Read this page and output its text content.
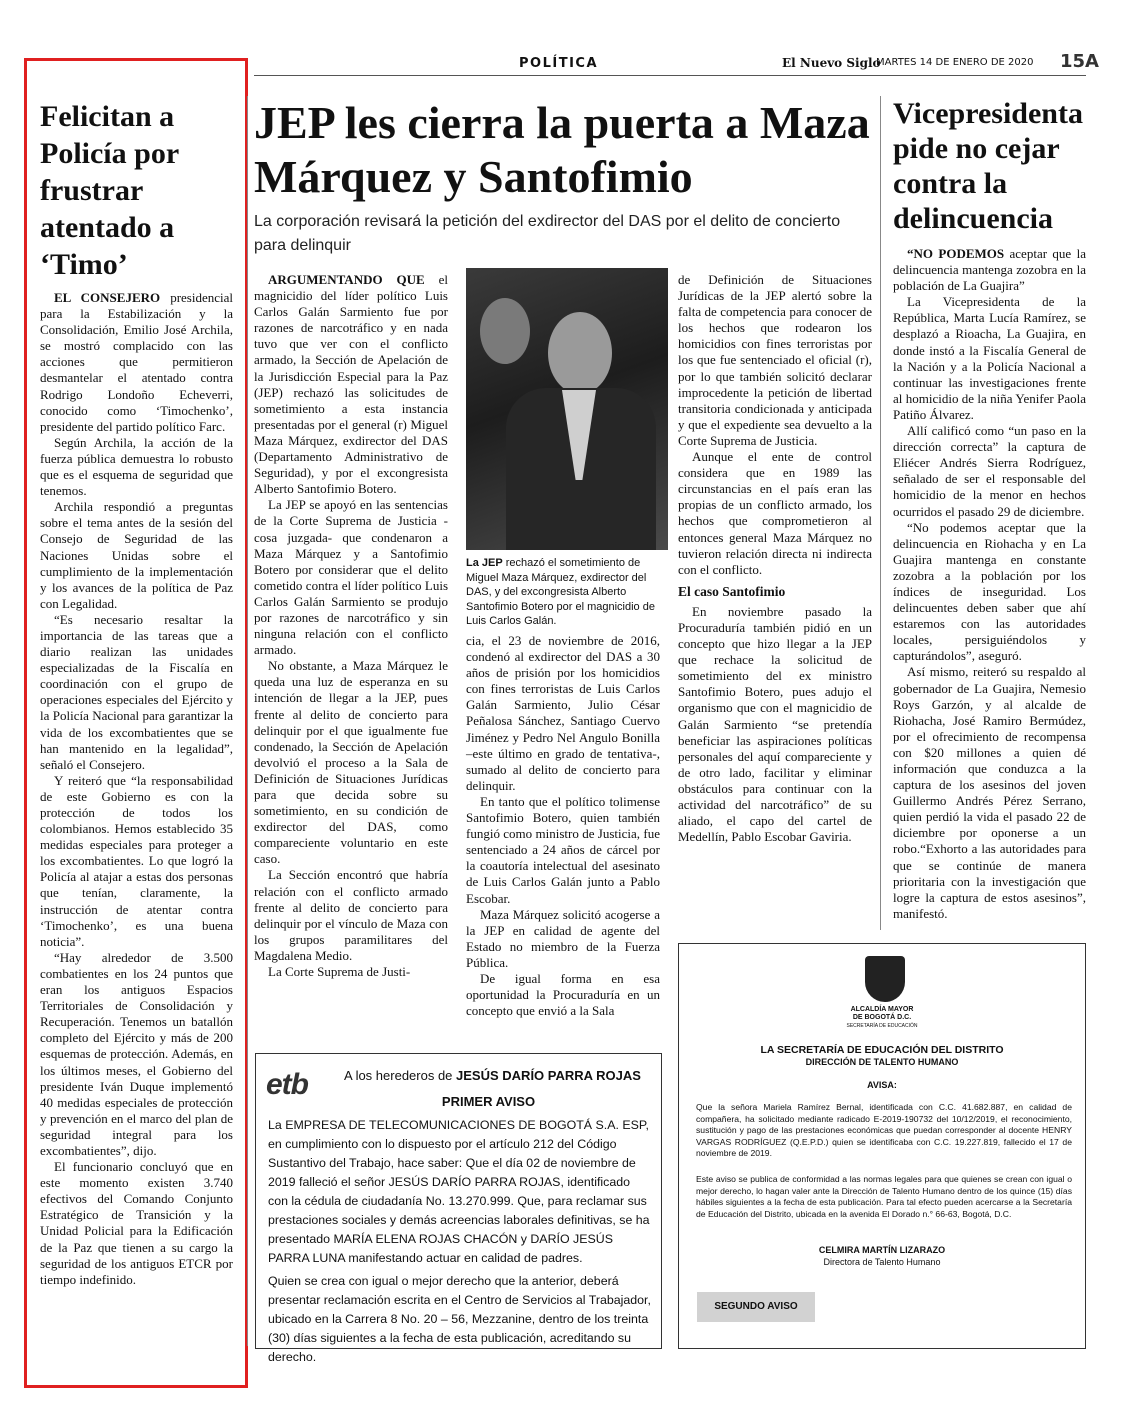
POLÍTICA	El Nuevo Siglo
MARTES 14 DE ENERO DE 2020 15A
Felicitan a Policía por frustrar atentado a ‘Timo’

EL CONSEJERO presidencial para la Estabilización y la Consolidación, Emilio José Archila, se mostró complacido con las acciones que permitieron desmantelar el atentado contra Rodrigo Londoño Echeverri, conocido como ‘Timochenko’, presidente del partido político Farc.

Según Archila, la acción de la fuerza pública demuestra lo robusto que es el esquema de seguridad que tenemos.

Archila respondió a preguntas sobre el tema antes de la sesión del Consejo de Seguridad de las Naciones Unidas sobre el cumplimiento de la implementación y los avances de la política de Paz con Legalidad.

“Es necesario resaltar la importancia de las tareas que a diario realizan las unidades especializadas de la Fiscalía en coordinación con el grupo de operaciones especiales del Ejército y la Policía Nacional para garantizar la vida de los excombatientes que se han mantenido en la legalidad”, señaló el Consejero.

Y reiteró que “la responsabilidad de este Gobierno es con la protección de todos los colombianos. Hemos establecido 35 medidas especiales para proteger a los excombatientes. Lo que logró la Policía al atajar a estas dos personas que tenían, claramente, la instrucción de atentar contra ‘Timochenko’, es una buena noticia”.

“Hay alrededor de 3.500 combatientes en los 24 puntos que eran los antiguos Espacios Territoriales de Consolidación y Recuperación. Tenemos un batallón completo del Ejército y más de 200 esquemas de protección. Además, en los últimos meses, el Gobierno del presidente Iván Duque implementó 40 medidas especiales de protección y prevención en el marco del plan de seguridad integral para los excombatientes”, dijo.

El funcionario concluyó que en este momento existen 3.740 efectivos del Comando Conjunto Estratégico de Transición y la Unidad Policial para la Edificación de la Paz que tienen a su cargo la seguridad de los antiguos ETCR por tiempo indefinido.

JEP les cierra la puerta a Maza Márquez y Santofimio
La corporación revisará la petición del exdirector del DAS por el delito de concierto para delinquir

ARGUMENTANDO QUE el magnicidio del líder político Luis Carlos Galán Sarmiento fue por razones de narcotráfico y en nada tuvo que ver con el conflicto armado, la Sección de Apelación de la Jurisdicción Especial para la Paz (JEP) rechazó las solicitudes de sometimiento a esta instancia presentadas por el general (r) Miguel Maza Márquez, exdirector del DAS (Departamento Administrativo de Seguridad), y por el excongresista Alberto Santofimio Botero.

La JEP se apoyó en las sentencias de la Corte Suprema de Justicia -cosa juzgada- que condenaron a Maza Márquez y a Santofimio Botero por considerar que el delito cometido contra el líder político Luis Carlos Galán Sarmiento se produjo por razones de narcotráfico y sin ninguna relación con el conflicto armado.

No obstante, a Maza Márquez le queda una luz de esperanza en su intención de llegar a la JEP, pues frente al delito de concierto para delinquir por el que igualmente fue condenado, la Sección de Apelación devolvió el proceso a la Sala de Definición de Situaciones Jurídicas para que decida sobre su sometimiento, en su condición de exdirector del DAS, como compareciente voluntario en este caso.

La Sección encontró que habría relación con el conflicto armado frente al delito de concierto para delinquir por el vínculo de Maza con los grupos paramilitares del Magdalena Medio.

La Corte Suprema de Justi-

La JEP rechazó el sometimiento de Miguel Maza Márquez, exdirector del DAS, y del excongresista Alberto Santofimio Botero por el magnicidio de Luis Carlos Galán.

cia, el 23 de noviembre de 2016, condenó al exdirector del DAS a 30 años de prisión por los homicidios con fines terroristas de Luis Carlos Galán Sarmiento, Julio César Peñalosa Sánchez, Santiago Cuervo Jiménez y Pedro Nel Angulo Bonilla –este último en grado de tentativa-, sumado al delito de concierto para delinquir.

En tanto que el político tolimense Santofimio Botero, quien también fungió como ministro de Justicia, fue sentenciado a 24 años de cárcel por la coautoría intelectual del asesinato de Luis Carlos Galán junto a Pablo Escobar.

Maza Márquez solicitó acogerse a la JEP en calidad de agente del Estado no miembro de la Fuerza Pública.

De igual forma en esa oportunidad la Procuraduría en un concepto que envió a la Sala

de Definición de Situaciones Jurídicas de la JEP alertó sobre la falta de competencia para conocer de los hechos que rodearon los homicidios con fines terroristas por los que fue sentenciado el oficial (r), por lo que también solicitó declarar improcedente la petición de libertad transitoria condicionada y anticipada y que el expediente sea devuelto a la Corte Suprema de Justicia.

Aunque el ente de control considera que en 1989 las circunstancias en el país eran las propias de un conflicto armado, los hechos que comprometieron al entonces general Maza Márquez no tuvieron relación directa ni indirecta con el conflicto.

El caso Santofimio

En noviembre pasado la Procuraduría también pidió en un concepto que hizo llegar a la JEP que rechace la solicitud de sometimiento del ex ministro Santofimio Botero, pues adujo el organismo que con el magnicidio de Galán Sarmiento “se pretendía beneficiar las aspiraciones políticas personales del aquí compareciente y de otro lado, facilitar y eliminar obstáculos para continuar con la actividad del narcotráfico” de su aliado, el capo del cartel de Medellín, Pablo Escobar Gaviria.

Vicepresidenta pide no cejar contra la delincuencia

“NO PODEMOS aceptar que la delincuencia mantenga zozobra en la población de La Guajira”

La Vicepresidenta de la República, Marta Lucía Ramírez, se desplazó a Rioacha, La Guajira, en donde instó a la Fiscalía General de la Nación y a la Policía Nacional a continuar las investigaciones frente al homicidio de la niña Yenifer Paola Patiño Álvarez.

Allí calificó como “un paso en la dirección correcta” la captura de Eliécer Andrés Sierra Rodríguez, señalado de ser el responsable del homicidio de la menor en hechos ocurridos el pasado 29 de diciembre.

“No podemos aceptar que la delincuencia en Riohacha y en La Guajira mantenga en constante zozobra a la población por los índices de inseguridad. Los delincuentes deben saber que ahí estaremos con las autoridades locales, persiguiéndolos y capturándolos”, aseguró.

Así mismo, reiteró su respaldo al gobernador de La Guajira, Nemesio Roys Garzón, y al alcalde de Riohacha, José Ramiro Bermúdez, por el ofrecimiento de recompensa con $20 millones a quien dé información que conduzca a la captura de los asesinos del joven Guillermo Andrés Pérez Serrano, quien perdió la vida el pasado 22 de diciembre por oponerse a un robo.“Exhorto a las autoridades para que se continúe de manera prioritaria con la investigación que logre la captura de estos asesinos”, manifestó.

etb	A los herederos de JESÚS DARÍO PARRA ROJAS
PRIMER AVISO

La EMPRESA DE TELECOMUNICACIONES DE BOGOTÁ S.A. ESP, en cumplimiento con lo dispuesto por el artículo 212 del Código Sustantivo del Trabajo, hace saber: Que el día 02 de noviembre de 2019 falleció el señor JESÚS DARÍO PARRA ROJAS, identificado con la cédula de ciudadanía No. 13.270.999. Que, para reclamar sus prestaciones sociales y demás acreencias laborales definitivas, se ha presentado MARÍA ELENA ROJAS CHACÓN y DARÍO JESÚS PARRA LUNA manifestando actuar en calidad de padres.

Quien se crea con igual o mejor derecho que la anterior, deberá presentar reclamación escrita en el Centro de Servicios al Trabajador, ubicado en la Carrera 8 No. 20 – 56, Mezzanine, dentro de los treinta (30) días siguientes a la fecha de esta publicación, acreditando su derecho.

ALCALDÍA MAYOR
DE BOGOTÁ D.C.
SECRETARÍA DE EDUCACIÓN
LA SECRETARÍA DE EDUCACIÓN DEL DISTRITO
DIRECCIÓN DE TALENTO HUMANO
AVISA:

Que la señora Mariela Ramírez Bernal, identificada con C.C. 41.682.887, en calidad de compañera, ha solicitado mediante radicado E-2019-190732 del 10/12/2019, el reconocimiento, sustitución y pago de las prestaciones económicas que puedan corresponder al docente HENRY VARGAS RODRÍGUEZ (Q.E.P.D.) quien se identificaba con C.C. 19.227.819, fallecido el 17 de noviembre de 2019.

Este aviso se publica de conformidad a las normas legales para que quienes se crean con igual o mejor derecho, lo hagan valer ante la Dirección de Talento Humano dentro de los quince (15) días hábiles siguientes a la fecha de esta publicación. Para tal efecto pueden acercarse a la Secretaría de Educación del Distrito, ubicada en la avenida El Dorado n.° 66-63, Bogotá, D.C.

CELMIRA MARTÍN LIZARAZO
Directora de Talento Humano
SEGUNDO AVISO
